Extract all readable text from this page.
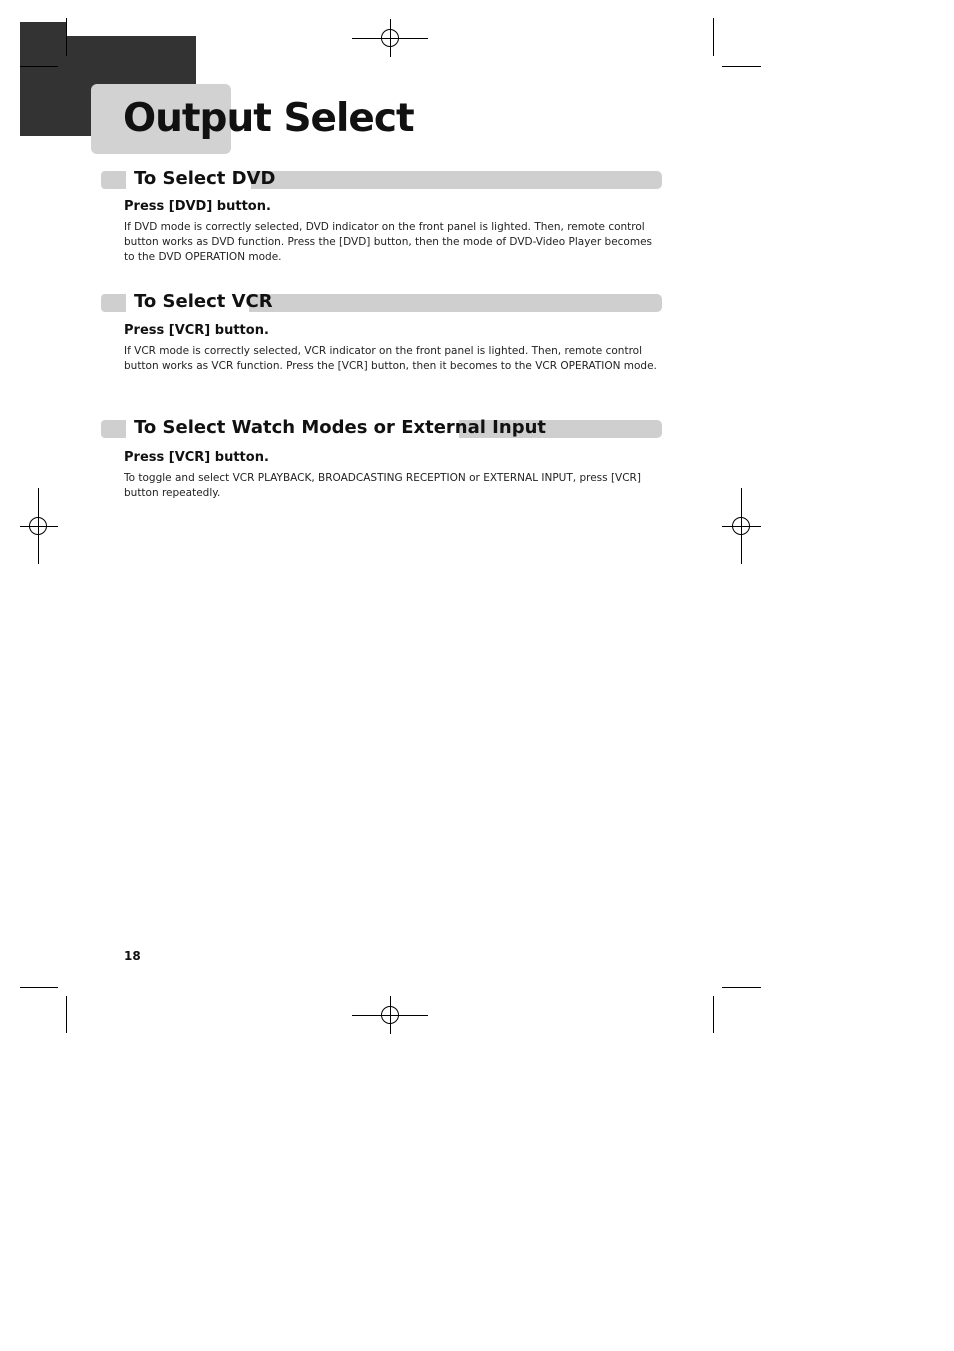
Output Select
To Select DVD

Press [DVD] button.

If DVD mode is correctly selected, DVD indicator on the front panel is lighted. Then, remote control button works as DVD function. Press the [DVD] button, then the mode of DVD-Video Player becomes to the DVD OPERATION mode.

To Select VCR

Press [VCR] button.

If VCR mode is correctly selected, VCR indicator on the front panel is lighted. Then, remote control button works as VCR function. Press the [VCR] button, then it becomes to the VCR OPERATION mode.

To Select Watch Modes or External Input

Press [VCR] button.

To toggle and select VCR PLAYBACK, BROADCASTING RECEPTION or EXTERNAL INPUT, press [VCR] button repeatedly.

18
